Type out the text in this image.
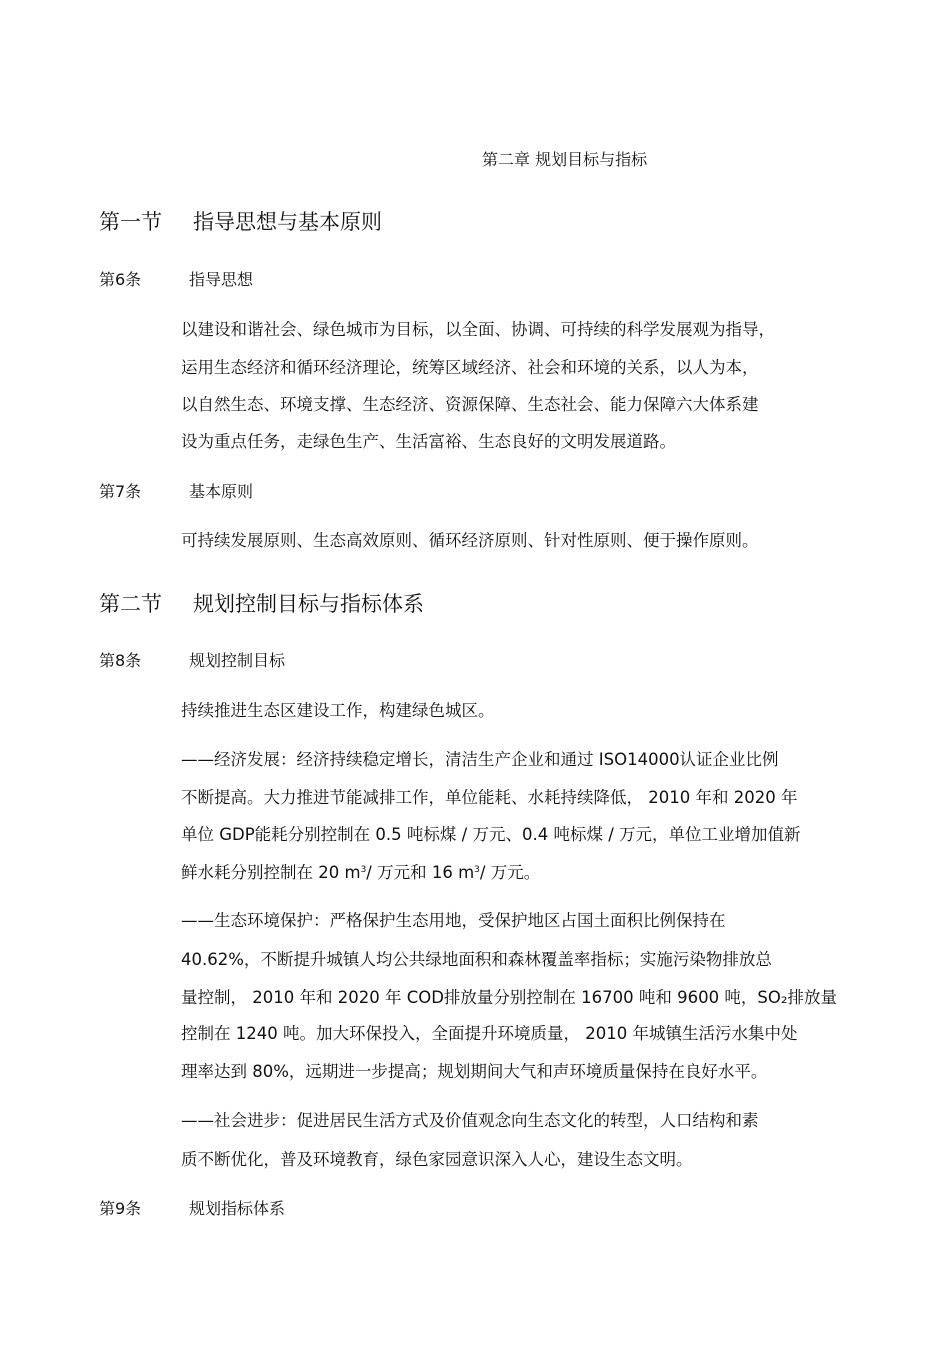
第二章 规划目标与指标
第一节 指导思想与基本原则
第6条	指导思想
以建设和谐社会、绿色城市为目标，以全面、协调、可持续的科学发展观为指导，
运用生态经济和循环经济理论，统筹区域经济、社会和环境的关系，以人为本，
以自然生态、环境支撑、生态经济、资源保障、生态社会、能力保障六大体系建
设为重点任务，走绿色生产、生活富裕、生态良好的文明发展道路。
第7条	基本原则
可持续发展原则、生态高效原则、循环经济原则、针对性原则、便于操作原则。
第二节 规划控制目标与指标体系
第8条	规划控制目标
持续推进生态区建设工作，构建绿色城区。
——经济发展：经济持续稳定增长，清洁生产企业和通过 ISO14000认证企业比例
不断提高。大力推进节能减排工作，单位能耗、水耗持续降低， 2010 年和 2020 年
单位 GDP能耗分别控制在 0.5 吨标煤 / 万元、0.4 吨标煤 / 万元，单位工业增加值新
鲜水耗分别控制在 20 $m^3/$ 万元和 16 $m^3/$ 万元。
——生态环境保护：严格保护生态用地，受保护地区占国土面积比例保持在
40.62%，不断提升城镇人均公共绿地面积和森林覆盖率指标；实施污染物排放总
量控制， 2010 年和 2020 年 COD排放量分别控制在 16700 吨和 9600 吨，SO₂排放量
控制在 1240 吨。加大环保投入，全面提升环境质量， 2010 年城镇生活污水集中处
理率达到 80%，远期进一步提高；规划期间大气和声环境质量保持在良好水平。
——社会进步：促进居民生活方式及价值观念向生态文化的转型，人口结构和素
质不断优化，普及环境教育，绿色家园意识深入人心，建设生态文明。
第9条	规划指标体系
